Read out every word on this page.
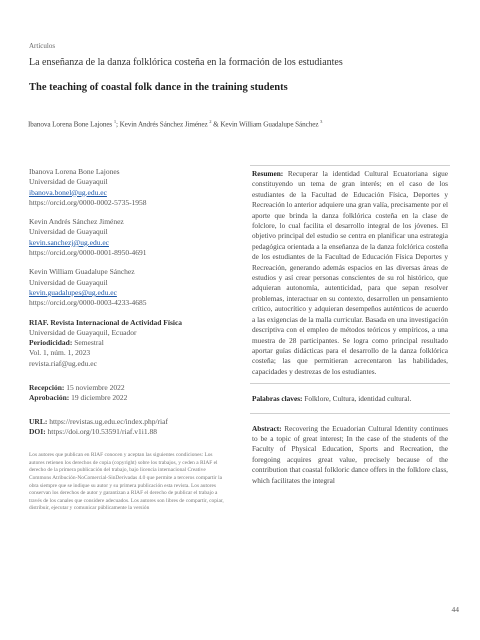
Artículos
La enseñanza de la danza folklórica costeña en la formación de los estudiantes
The teaching of coastal folk dance in the training students
Ibanova Lorena Bone Lajones $^1$; Kevin Andrés Sánchez Jiménez $^2$ & Kevin William Guadalupe Sánchez $^3$
Ibanova Lorena Bone Lajones
Universidad de Guayaquil
ibanova.bonel@ug.edu.ec
https://orcid.org/0000-0002-5735-1958
Kevin Andrés Sánchez Jiménez
Universidad de Guayaquil
kevin.sanchezj@ug.edu.ec
https://orcid.org/0000-0001-8950-4691
Kevin William Guadalupe Sánchez
Universidad de Guayaquil
kevin.guadalupes@ug.edu.ec
https://orcid.org/0000-0003-4233-4685
RIAF. Revista Internacional de Actividad Física
Universidad de Guayaquil, Ecuador
Periodicidad: Semestral
Vol. 1, núm. 1, 2023
revista.riaf@ug.edu.ec
Recepción: 15 noviembre 2022
Aprobación: 19 diciembre 2022
URL: https://revistas.ug.edu.ec/index.php/riaf
DOI: https://doi.org/10.53591/riaf.v1i1.88
Los autores que publican en RIAF conocen y aceptan las siguientes condiciones: Los autores retienen los derechos de copia (copyright) sobre los trabajos, y ceden a RIAF el derecho de la primera publicación del trabajo, bajo licencia internacional Creative Commons Atribución-NoComercial-SinDerivadas 4.0 que permite a terceros compartir la obra siempre que se indique su autor y su primera publicación esta revista. Los autores conservan los derechos de autor y garantizan a RIAF el derecho de publicar el trabajo a través de los canales que considere adecuados. Los autores son libres de compartir, copiar, distribuir, ejecutar y comunicar públicamente la versión
Resumen: Recuperar la identidad Cultural Ecuatoriana sigue constituyendo un tema de gran interés; en el caso de los estudiantes de la Facultad de Educación Física, Deportes y Recreación lo anterior adquiere una gran valía, precisamente por el aporte que brinda la danza folklórica costeña en la clase de folclore, lo cual facilita el desarrollo integral de los jóvenes. El objetivo principal del estudio se centra en planificar una estrategia pedagógica orientada a la enseñanza de la danza folclórica costeña de los estudiantes de la Facultad de Educación Física Deportes y Recreación, generando además espacios en las diversas áreas de estudios y así crear personas conscientes de su rol histórico, que adquieran autonomía, autenticidad, para que sepan resolver problemas, interactuar en su contexto, desarrollen un pensamiento crítico, autocrítico y adquieran desempeños auténticos de acuerdo a las exigencias de la malla curricular. Basada en una investigación descriptiva con el empleo de métodos teóricos y empíricos, a una muestra de 28 participantes. Se logra como principal resultado aportar guías didácticas para el desarrollo de la danza folklórica costeña; las que permitieran acrecentaron las habilidades, capacidades y destrezas de los estudiantes.
Palabras claves: Folklore, Cultura, identidad cultural.
Abstract: Recovering the Ecuadorian Cultural Identity continues to be a topic of great interest; In the case of the students of the Faculty of Physical Education, Sports and Recreation, the foregoing acquires great value, precisely because of the contribution that coastal folkloric dance offers in the folklore class, which facilitates the integral
44
